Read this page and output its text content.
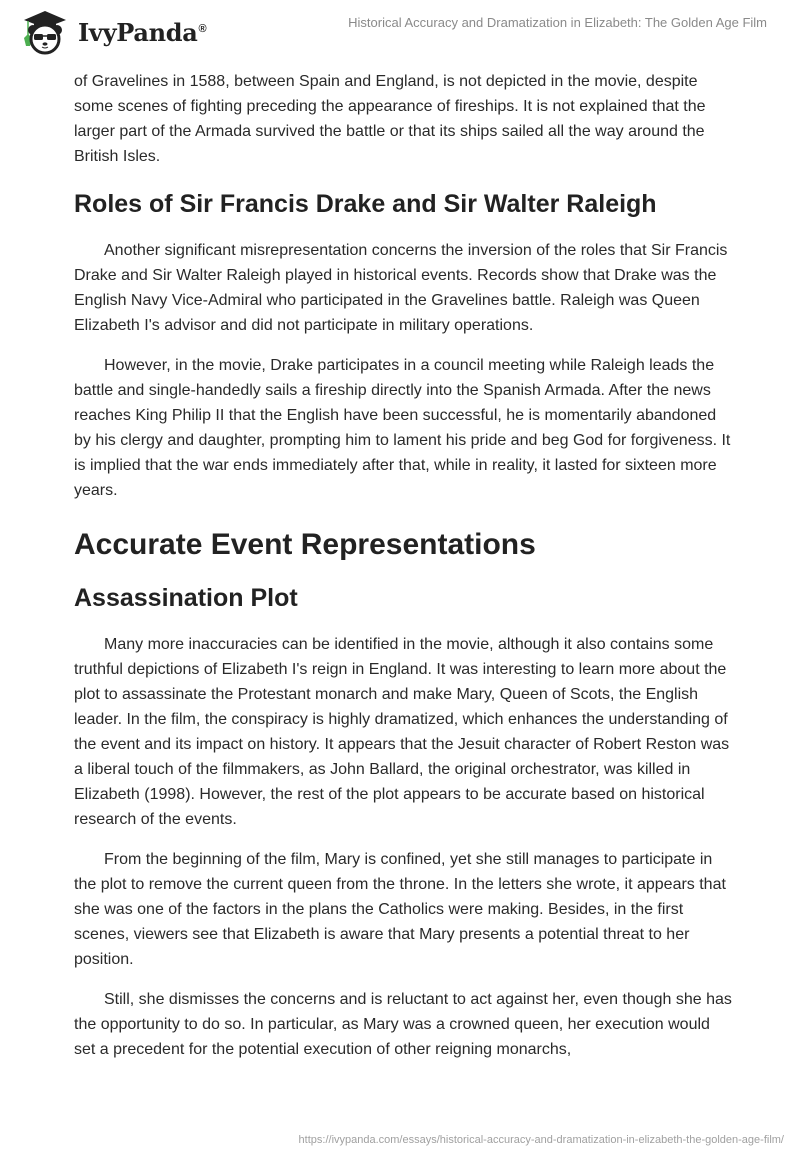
IvyPanda®	Historical Accuracy and Dramatization in Elizabeth: The Golden Age Film

of Gravelines in 1588, between Spain and England, is not depicted in the movie, despite some scenes of fighting preceding the appearance of fireships. It is not explained that the larger part of the Armada survived the battle or that its ships sailed all the way around the British Isles.

Roles of Sir Francis Drake and Sir Walter Raleigh

Another significant misrepresentation concerns the inversion of the roles that Sir Francis Drake and Sir Walter Raleigh played in historical events. Records show that Drake was the English Navy Vice-Admiral who participated in the Gravelines battle. Raleigh was Queen Elizabeth I's advisor and did not participate in military operations.

However, in the movie, Drake participates in a council meeting while Raleigh leads the battle and single-handedly sails a fireship directly into the Spanish Armada. After the news reaches King Philip II that the English have been successful, he is momentarily abandoned by his clergy and daughter, prompting him to lament his pride and beg God for forgiveness. It is implied that the war ends immediately after that, while in reality, it lasted for sixteen more years.

Accurate Event Representations
Assassination Plot

Many more inaccuracies can be identified in the movie, although it also contains some truthful depictions of Elizabeth I's reign in England. It was interesting to learn more about the plot to assassinate the Protestant monarch and make Mary, Queen of Scots, the English leader. In the film, the conspiracy is highly dramatized, which enhances the understanding of the event and its impact on history. It appears that the Jesuit character of Robert Reston was a liberal touch of the filmmakers, as John Ballard, the original orchestrator, was killed in Elizabeth (1998). However, the rest of the plot appears to be accurate based on historical research of the events.

From the beginning of the film, Mary is confined, yet she still manages to participate in the plot to remove the current queen from the throne. In the letters she wrote, it appears that she was one of the factors in the plans the Catholics were making. Besides, in the first scenes, viewers see that Elizabeth is aware that Mary presents a potential threat to her position.

Still, she dismisses the concerns and is reluctant to act against her, even though she has the opportunity to do so. In particular, as Mary was a crowned queen, her execution would set a precedent for the potential execution of other reigning monarchs,

https://ivypanda.com/essays/historical-accuracy-and-dramatization-in-elizabeth-the-golden-age-film/
